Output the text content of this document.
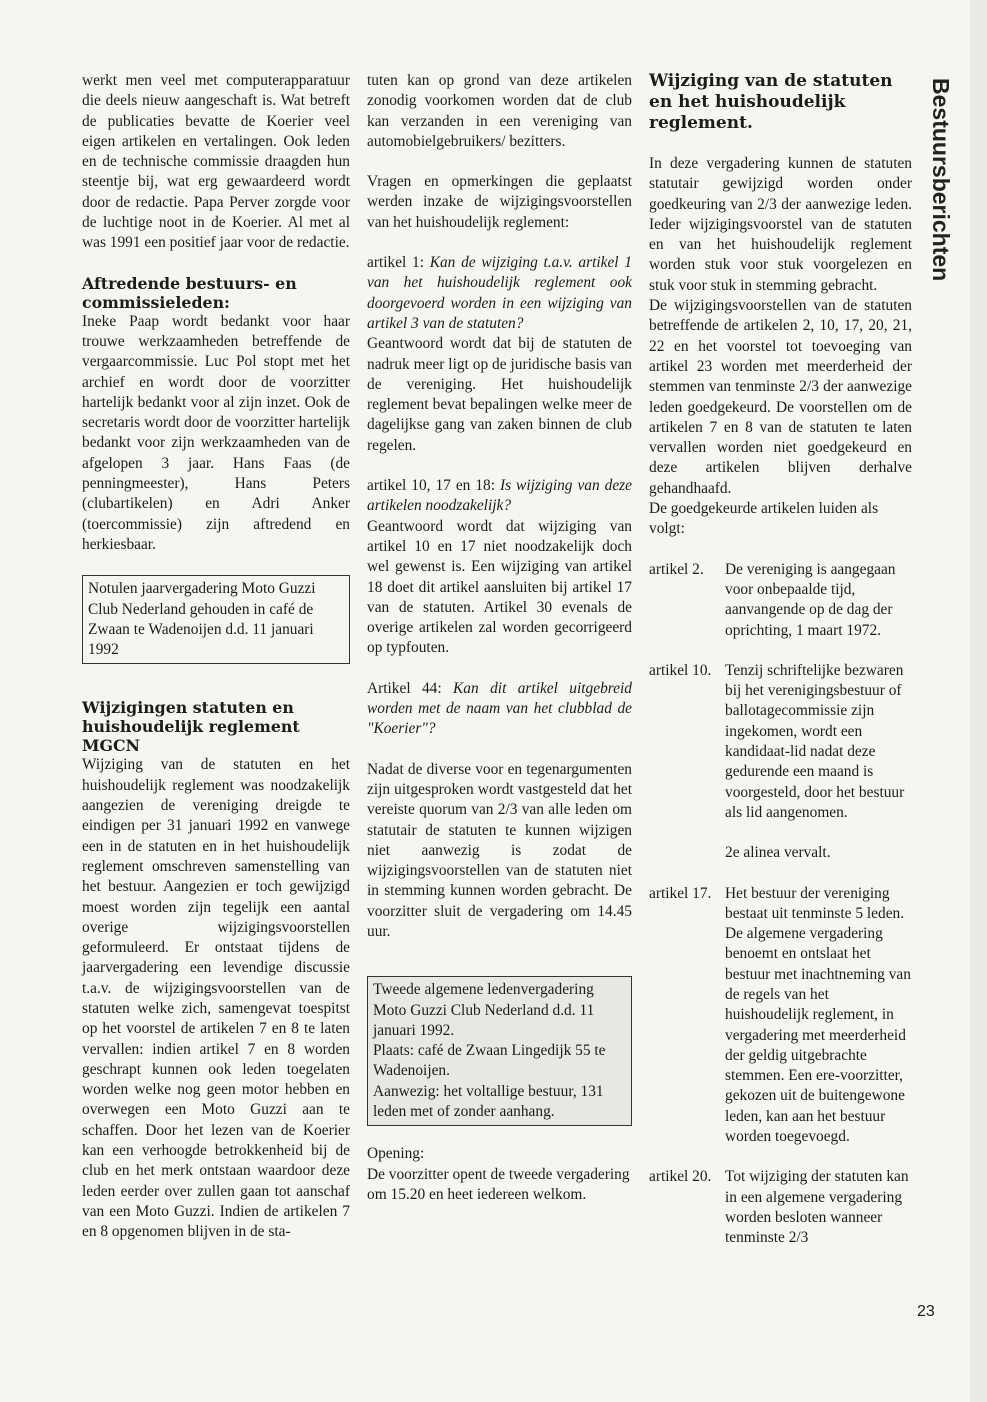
werkt men veel met computerapparatuur die deels nieuw aangeschaft is. Wat betreft de publicaties bevatte de Koerier veel eigen artikelen en vertalingen. Ook leden en de technische commissie draagden hun steentje bij, wat erg gewaardeerd wordt door de redactie. Papa Perver zorgde voor de luchtige noot in de Koerier. Al met al was 1991 een positief jaar voor de redactie.

Aftredende bestuurs- en commissieleden:

Ineke Paap wordt bedankt voor haar trouwe werkzaamheden betreffende de vergaarcommissie. Luc Pol stopt met het archief en wordt door de voorzitter hartelijk bedankt voor al zijn inzet. Ook de secretaris wordt door de voorzitter hartelijk bedankt voor zijn werkzaamheden van de afgelopen 3 jaar. Hans Faas (de penningmeester), Hans Peters (clubartikelen) en Adri Anker (toercommissie) zijn aftredend en herkiesbaar.

Notulen jaarvergadering Moto Guzzi Club Nederland gehouden in café de Zwaan te Wadenoijen d.d. 11 januari 1992

Wijzigingen statuten en huishoudelijk reglement MGCN

Wijziging van de statuten en het huishoudelijk reglement was noodzakelijk aangezien de vereniging dreigde te eindigen per 31 januari 1992 en vanwege een in de statuten en in het huishoudelijk reglement omschreven samenstelling van het bestuur. Aangezien er toch gewijzigd moest worden zijn tegelijk een aantal overige wijzigingsvoorstellen geformuleerd. Er ontstaat tijdens de jaarvergadering een levendige discussie t.a.v. de wijzigingsvoorstellen van de statuten welke zich, samengevat toespitst op het voorstel de artikelen 7 en 8 te laten vervallen: indien artikel 7 en 8 worden geschrapt kunnen ook leden toegelaten worden welke nog geen motor hebben en overwegen een Moto Guzzi aan te schaffen. Door het lezen van de Koerier kan een verhoogde betrokkenheid bij de club en het merk ontstaan waardoor deze leden eerder over zullen gaan tot aanschaf van een Moto Guzzi. Indien de artikelen 7 en 8 opgenomen blijven in de sta-

tuten kan op grond van deze artikelen zonodig voorkomen worden dat de club kan verzanden in een vereniging van automobielgebruikers/ bezitters.

Vragen en opmerkingen die geplaatst werden inzake de wijzigingsvoorstellen van het huishoudelijk reglement:

artikel 1: Kan de wijziging t.a.v. artikel 1 van het huishoudelijk reglement ook doorgevoerd worden in een wijziging van artikel 3 van de statuten?

Geantwoord wordt dat bij de statuten de nadruk meer ligt op de juridische basis van de vereniging. Het huishoudelijk reglement bevat bepalingen welke meer de dagelijkse gang van zaken binnen de club regelen.

artikel 10, 17 en 18: Is wijziging van deze artikelen noodzakelijk?

Geantwoord wordt dat wijziging van artikel 10 en 17 niet noodzakelijk doch wel gewenst is. Een wijziging van artikel 18 doet dit artikel aansluiten bij artikel 17 van de statuten. Artikel 30 evenals de overige artikelen zal worden gecorrigeerd op typfouten.

Artikel 44: Kan dit artikel uitgebreid worden met de naam van het clubblad de "Koerier"?

Nadat de diverse voor en tegenargumenten zijn uitgesproken wordt vastgesteld dat het vereiste quorum van 2/3 van alle leden om statutair de statuten te kunnen wijzigen niet aanwezig is zodat de wijzigingsvoorstellen van de statuten niet in stemming kunnen worden gebracht. De voorzitter sluit de vergadering om 14.45 uur.

Tweede algemene ledenvergadering Moto Guzzi Club Nederland d.d. 11 januari 1992.

Plaats: café de Zwaan Lingedijk 55 te Wadenoijen.

Aanwezig: het voltallige bestuur, 131 leden met of zonder aanhang.

Opening:

De voorzitter opent de tweede vergadering om 15.20 en heet iedereen welkom.

Wijziging van de statuten en het huishoudelijk reglement.

In deze vergadering kunnen de statuten statutair gewijzigd worden onder goedkeuring van 2/3 der aanwezige leden. Ieder wijzigingsvoorstel van de statuten en van het huishoudelijk reglement worden stuk voor stuk voorgelezen en stuk voor stuk in stemming gebracht.

De wijzigingsvoorstellen van de statuten betreffende de artikelen 2, 10, 17, 20, 21, 22 en het voorstel tot toevoeging van artikel 23 worden met meerderheid der stemmen van tenminste 2/3 der aanwezige leden goedgekeurd. De voorstellen om de artikelen 7 en 8 van de statuten te laten vervallen worden niet goedgekeurd en deze artikelen blijven derhalve gehandhaafd.

De goedgekeurde artikelen luiden als volgt:

artikel 2.	De vereniging is aangegaan voor onbepaalde tijd, aanvangende op de dag der oprichting, 1 maart 1972.
artikel 10. Tenzij schriftelijke bezwaren bij het verenigingsbestuur of ballotagecommissie zijn ingekomen, wordt een kandidaat-lid nadat deze gedurende een maand is voorgesteld, door het bestuur als lid aangenomen.
2e alinea vervalt.
artikel 17. Het bestuur der vereniging bestaat uit tenminste 5 leden. De algemene vergadering benoemt en ontslaat het bestuur met inachtneming van de regels van het huishoudelijk reglement, in vergadering met meerderheid der geldig uitgebrachte stemmen. Een ere-voorzitter, gekozen uit de buitengewone leden, kan aan het bestuur worden toegevoegd.
artikel 20. Tot wijziging der statuten kan in een algemene vergadering worden besloten wanneer tenminste 2/3
Bestuursberichten
23
